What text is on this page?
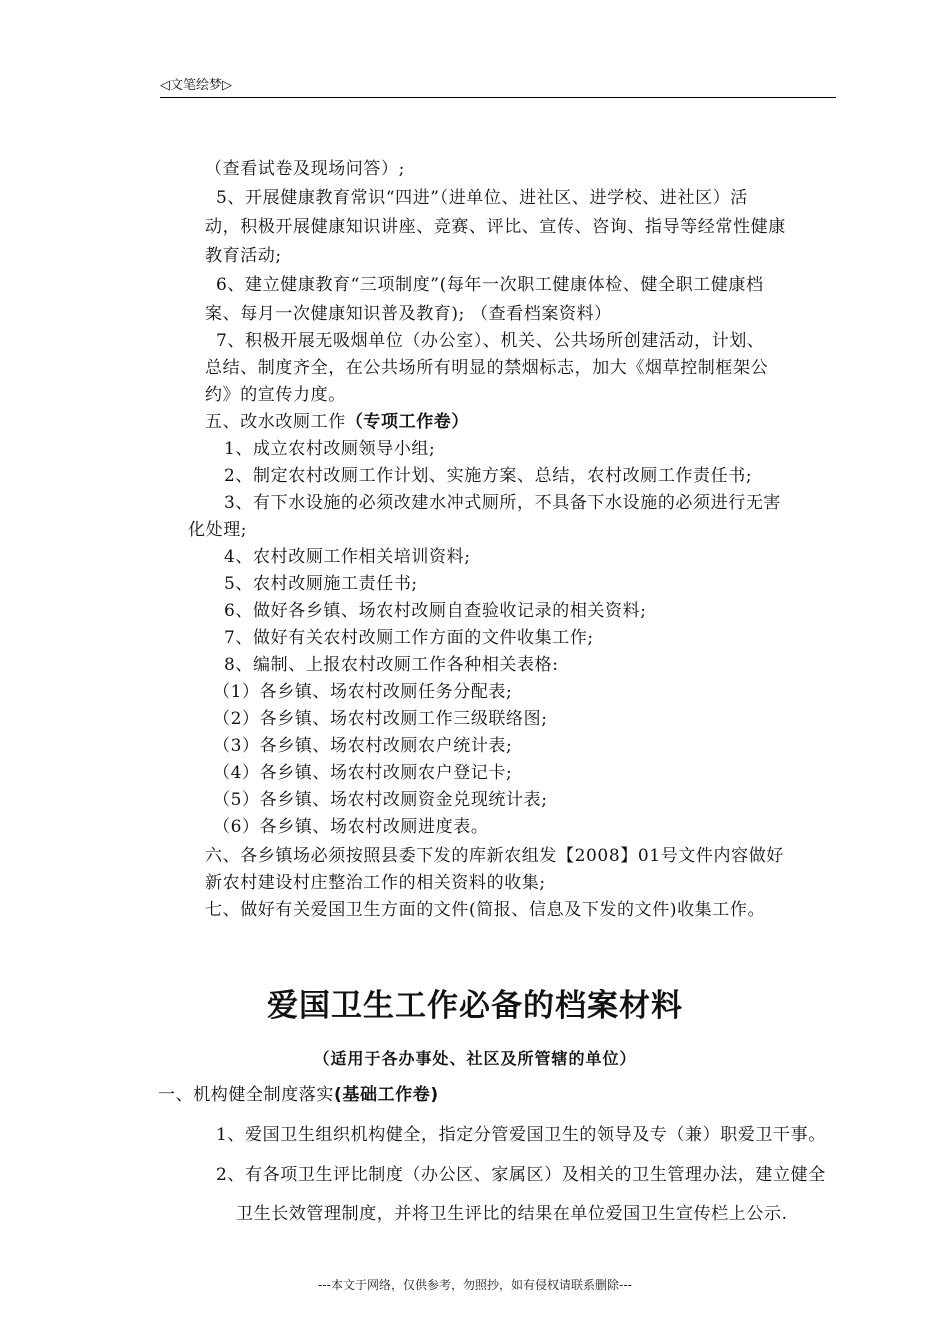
◁文笔绘梦▷
（查看试卷及现场问答）;
5、开展健康教育常识“四进”（进单位、进社区、进学校、进社区）活
动，积极开展健康知识讲座、竞赛、评比、宣传、咨询、指导等经常性健康
教育活动;
6、建立健康教育“三项制度”(每年一次职工健康体检、健全职工健康档
案、每月一次健康知识普及教育); （查看档案资料）
7、积极开展无吸烟单位（办公室）、机关、公共场所创建活动，计划、
总结、制度齐全，在公共场所有明显的禁烟标志，加大《烟草控制框架公
约》的宣传力度。
五、改水改厕工作（专项工作卷）
1、成立农村改厕领导小组;
2、制定农村改厕工作计划、实施方案、总结，农村改厕工作责任书;
3、有下水设施的必须改建水冲式厕所，不具备下水设施的必须进行无害
化处理;
4、农村改厕工作相关培训资料;
5、农村改厕施工责任书;
6、做好各乡镇、场农村改厕自查验收记录的相关资料;
7、做好有关农村改厕工作方面的文件收集工作;
8、编制、上报农村改厕工作各种相关表格:
（1）各乡镇、场农村改厕任务分配表;
（2）各乡镇、场农村改厕工作三级联络图;
（3）各乡镇、场农村改厕农户统计表;
（4）各乡镇、场农村改厕农户登记卡;
（5）各乡镇、场农村改厕资金兑现统计表;
（6）各乡镇、场农村改厕进度表。
六、各乡镇场必须按照县委下发的库新农组发【2008】01号文件内容做好
新农村建设村庄整治工作的相关资料的收集;
七、做好有关爱国卫生方面的文件(简报、信息及下发的文件)收集工作。
爱国卫生工作必备的档案材料
（适用于各办事处、社区及所管辖的单位）
一、机构健全制度落实(基础工作卷)
1、爱国卫生组织机构健全，指定分管爱国卫生的领导及专（兼）职爱卫干事。
2、有各项卫生评比制度（办公区、家属区）及相关的卫生管理办法，建立健全
卫生长效管理制度，并将卫生评比的结果在单位爱国卫生宣传栏上公示.
---本文于网络，仅供参考，勿照抄，如有侵权请联系删除---
